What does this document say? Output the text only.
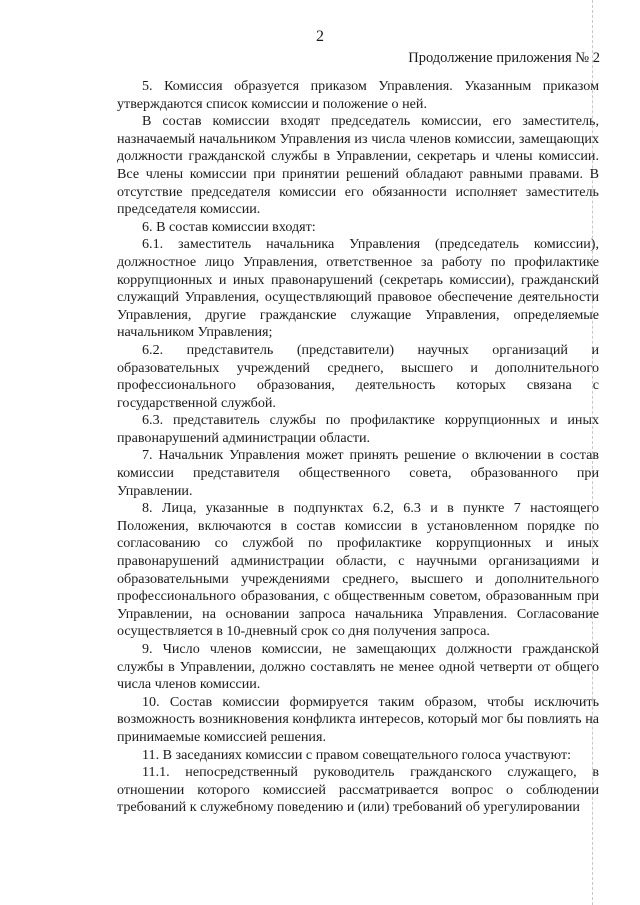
2
Продолжение приложения № 2

5. Комиссия образуется приказом Управления. Указанным приказом утверждаются список комиссии и положение о ней.

В состав комиссии входят председатель комиссии, его заместитель, назначаемый начальником Управления из числа членов комиссии, замещающих должности гражданской службы в Управлении, секретарь и члены комиссии. Все члены комиссии при принятии решений обладают равными правами. В отсутствие председателя комиссии его обязанности исполняет заместитель председателя комиссии.

6. В состав комиссии входят:

6.1. заместитель начальника Управления (председатель комиссии), должностное лицо Управления, ответственное за работу по профилактике коррупционных и иных правонарушений (секретарь комиссии), гражданский служащий Управления, осуществляющий правовое обеспечение деятельности Управления, другие гражданские служащие Управления, определяемые начальником Управления;

6.2. представитель (представители) научных организаций и образовательных учреждений среднего, высшего и дополнительного профессионального образования, деятельность которых связана с государственной службой.

6.3. представитель службы по профилактике коррупционных и иных правонарушений администрации области.

7. Начальник Управления может принять решение о включении в состав комиссии представителя общественного совета, образованного при Управлении.

8. Лица, указанные в подпунктах 6.2, 6.3 и в пункте 7 настоящего Положения, включаются в состав комиссии в установленном порядке по согласованию со службой по профилактике коррупционных и иных правонарушений администрации области, с научными организациями и образовательными учреждениями среднего, высшего и дополнительного профессионального образования, с общественным советом, образованным при Управлении, на основании запроса начальника Управления. Согласование осуществляется в 10-дневный срок со дня получения запроса.

9. Число членов комиссии, не замещающих должности гражданской службы в Управлении, должно составлять не менее одной четверти от общего числа членов комиссии.

10. Состав комиссии формируется таким образом, чтобы исключить возможность возникновения конфликта интересов, который мог бы повлиять на принимаемые комиссией решения.

11. В заседаниях комиссии с правом совещательного голоса участвуют:

11.1. непосредственный руководитель гражданского служащего, в отношении которого комиссией рассматривается вопрос о соблюдении требований к служебному поведению и (или) требований об урегулировании
